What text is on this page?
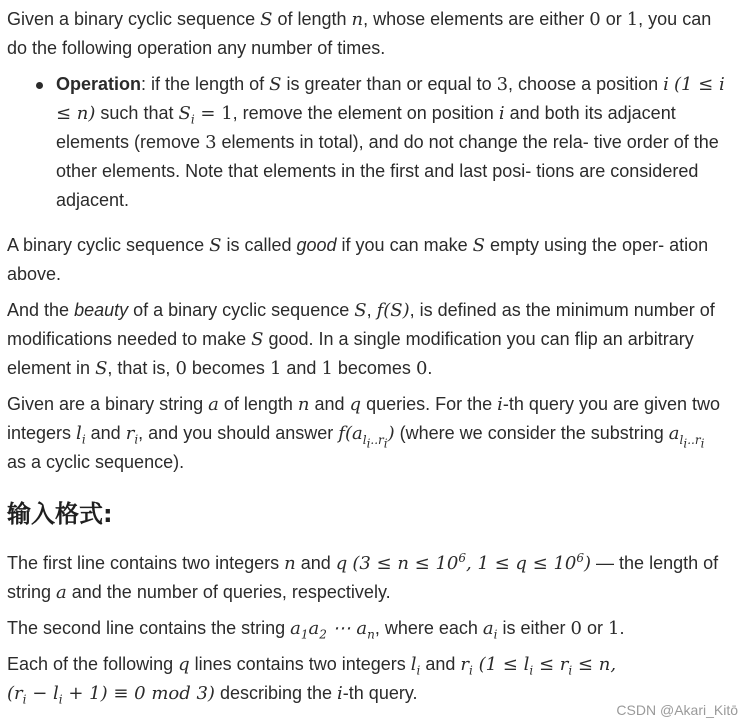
Given a binary cyclic sequence S of length n, whose elements are either 0 or 1, you can do the following operation any number of times.

Operation: if the length of S is greater than or equal to 3, choose a position i (1 ≤ i ≤ n) such that $S_i = 1$, remove the element on position i and both its adjacent elements (remove 3 elements in total), and do not change the rela- tive order of the other elements. Note that elements in the first and last posi- tions are considered adjacent.

A binary cyclic sequence S is called good if you can make S empty using the oper- ation above.

And the beauty of a binary cyclic sequence S, f(S), is defined as the minimum number of modifications needed to make S good. In a single modification you can flip an arbitrary element in S, that is, 0 becomes 1 and 1 becomes 0.

Given are a binary string a of length n and q queries. For the i-th query you are given two integers $l_i$ and $r_i$, and you should answer $f(a_{l_i..r_i})$ (where we consider the substring $a_{l_i..r_i}$ as a cyclic sequence).

输入格式:

The first line contains two integers n and q ($3 \le n \le 10^6$, $1 \le q \le 10^6$) — the length of string a and the number of queries, respectively.

The second line contains the string $a_1a_2$ ⋯ $a_n$, where each $a_i$ is either 0 or 1.

Each of the following q lines contains two integers $l_i$ and $r_i$ ($1 \le l_i \le r_i \le n$,
$(r_i - l_i + 1) \equiv 0$ mod 3) describing the i-th query.

CSDN @Akari_Kitō
